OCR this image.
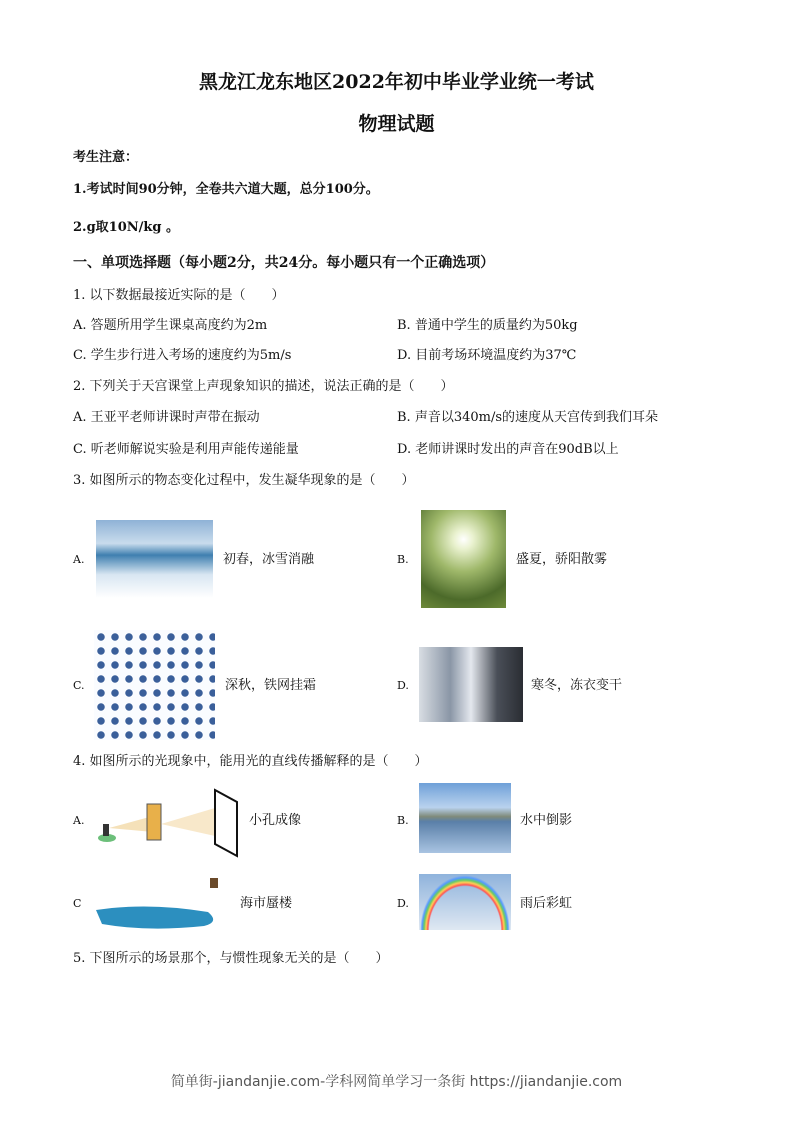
黑龙江龙东地区2022年初中毕业学业统一考试
物理试题
考生注意：
1.考试时间90分钟，全卷共六道大题，总分100分。
2.g取10N/kg 。
一、单项选择题（每小题2分，共24分。每小题只有一个正确选项）
1. 以下数据最接近实际的是（　　）
A. 答题所用学生课桌高度约为2m	B. 普通中学生的质量约为50kg
C. 学生步行进入考场的速度约为5m/s	D. 目前考场环境温度约为37℃
2. 下列关于天宫课堂上声现象知识的描述，说法正确的是（　　）
A. 王亚平老师讲课时声带在振动	B. 声音以340m/s的速度从天宫传到我们耳朵
C. 听老师解说实验是利用声能传递能量	D. 老师讲课时发出的声音在90dB以上
3. 如图所示的物态变化过程中，发生凝华现象的是（　　）
A.	初春，冰雪消融	B.	盛夏，骄阳散雾
C.	深秋，铁网挂霜	D.	寒冬，冻衣变干
4. 如图所示的光现象中，能用光的直线传播解释的是（　　）
A.	小孔成像	B.	水中倒影
C	海市蜃楼	D.	雨后彩虹
5. 下图所示的场景那个，与惯性现象无关的是（　　）
简单街-jiandanjie.com-学科网简单学习一条街 https://jiandanjie.com
